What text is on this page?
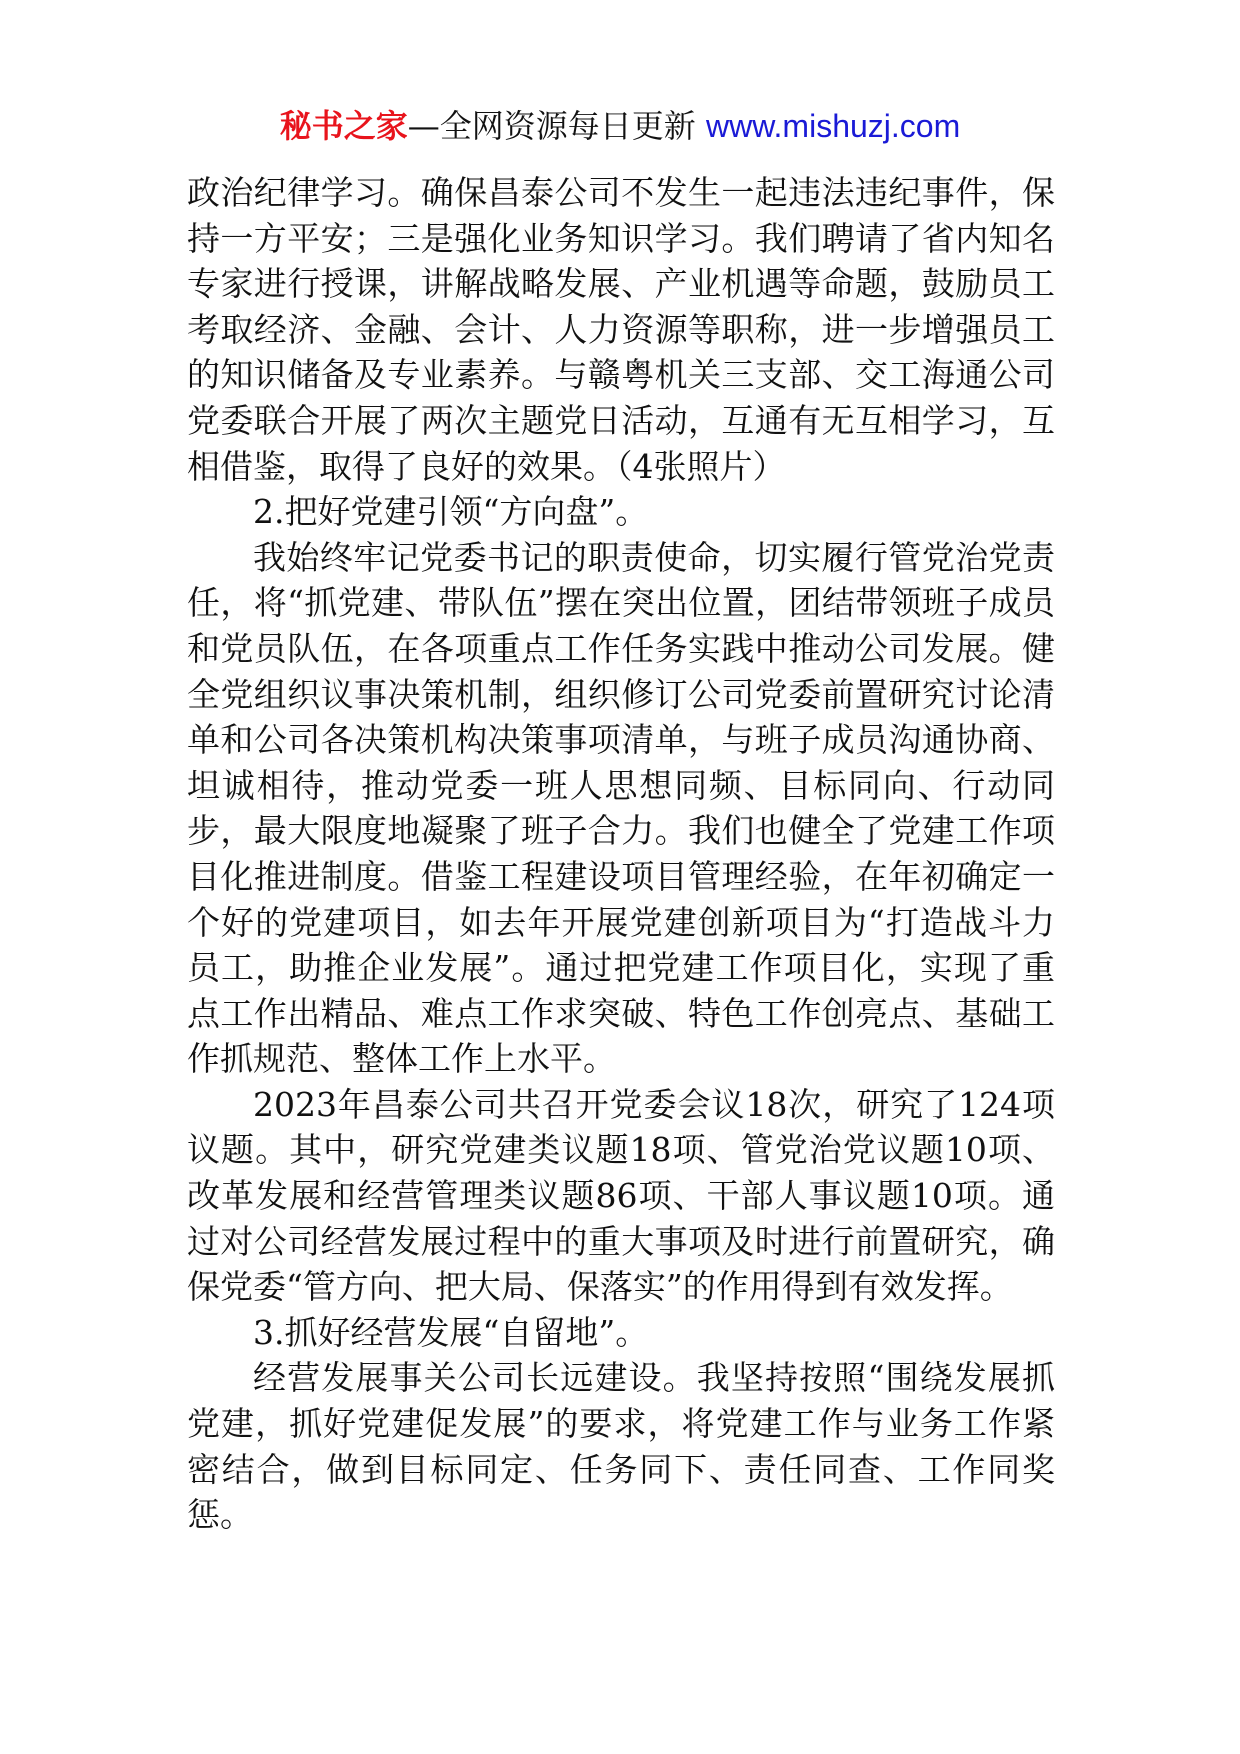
秘书之家—全网资源每日更新 www.mishuzj.com

政治纪律学习。确保昌泰公司不发生一起违法违纪事件，保持一方平安；三是强化业务知识学习。我们聘请了省内知名专家进行授课，讲解战略发展、产业机遇等命题，鼓励员工考取经济、金融、会计、人力资源等职称，进一步增强员工的知识储备及专业素养。与赣粤机关三支部、交工海通公司党委联合开展了两次主题党日活动，互通有无互相学习，互相借鉴，取得了良好的效果。（4张照片）

2.把好党建引领“方向盘”。

我始终牢记党委书记的职责使命，切实履行管党治党责任，将“抓党建、带队伍”摆在突出位置，团结带领班子成员和党员队伍，在各项重点工作任务实践中推动公司发展。健全党组织议事决策机制，组织修订公司党委前置研究讨论清单和公司各决策机构决策事项清单，与班子成员沟通协商、坦诚相待，推动党委一班人思想同频、目标同向、行动同步，最大限度地凝聚了班子合力。我们也健全了党建工作项目化推进制度。借鉴工程建设项目管理经验，在年初确定一个好的党建项目，如去年开展党建创新项目为“打造战斗力员工，助推企业发展”。通过把党建工作项目化，实现了重点工作出精品、难点工作求突破、特色工作创亮点、基础工作抓规范、整体工作上水平。

2023年昌泰公司共召开党委会议18次，研究了124项议题。其中，研究党建类议题18项、管党治党议题10项、改革发展和经营管理类议题86项、干部人事议题10项。通过对公司经营发展过程中的重大事项及时进行前置研究，确保党委“管方向、把大局、保落实”的作用得到有效发挥。

3.抓好经营发展“自留地”。

经营发展事关公司长远建设。我坚持按照“围绕发展抓党建，抓好党建促发展”的要求，将党建工作与业务工作紧密结合，做到目标同定、任务同下、责任同查、工作同奖惩。
